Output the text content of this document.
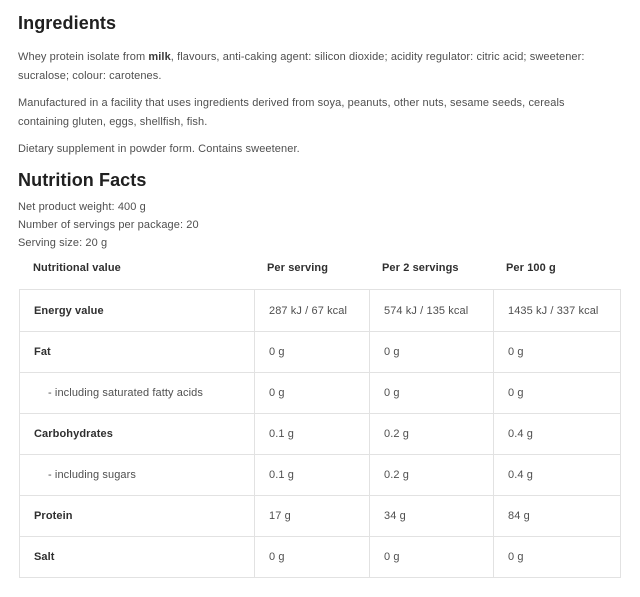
Ingredients

Whey protein isolate from milk, flavours, anti-caking agent: silicon dioxide; acidity regulator: citric acid; sweetener: sucralose; colour: carotenes.

Manufactured in a facility that uses ingredients derived from soya, peanuts, other nuts, sesame seeds, cereals containing gluten, eggs, shellfish, fish.

Dietary supplement in powder form. Contains sweetener.

Nutrition Facts

Net product weight: 400 g

Number of servings per package: 20

Serving size: 20 g

Nutritional value	Per serving	Per 2 servings	Per 100 g
Energy value	287 kJ / 67 kcal	574 kJ / 135 kcal	1435 kJ / 337 kcal
Fat	0 g	0 g	0 g
- including saturated fatty acids	0 g	0 g	0 g
Carbohydrates	0.1 g	0.2 g	0.4 g
- including sugars	0.1 g	0.2 g	0.4 g
Protein	17 g	34 g	84 g
Salt	0 g	0 g	0 g
